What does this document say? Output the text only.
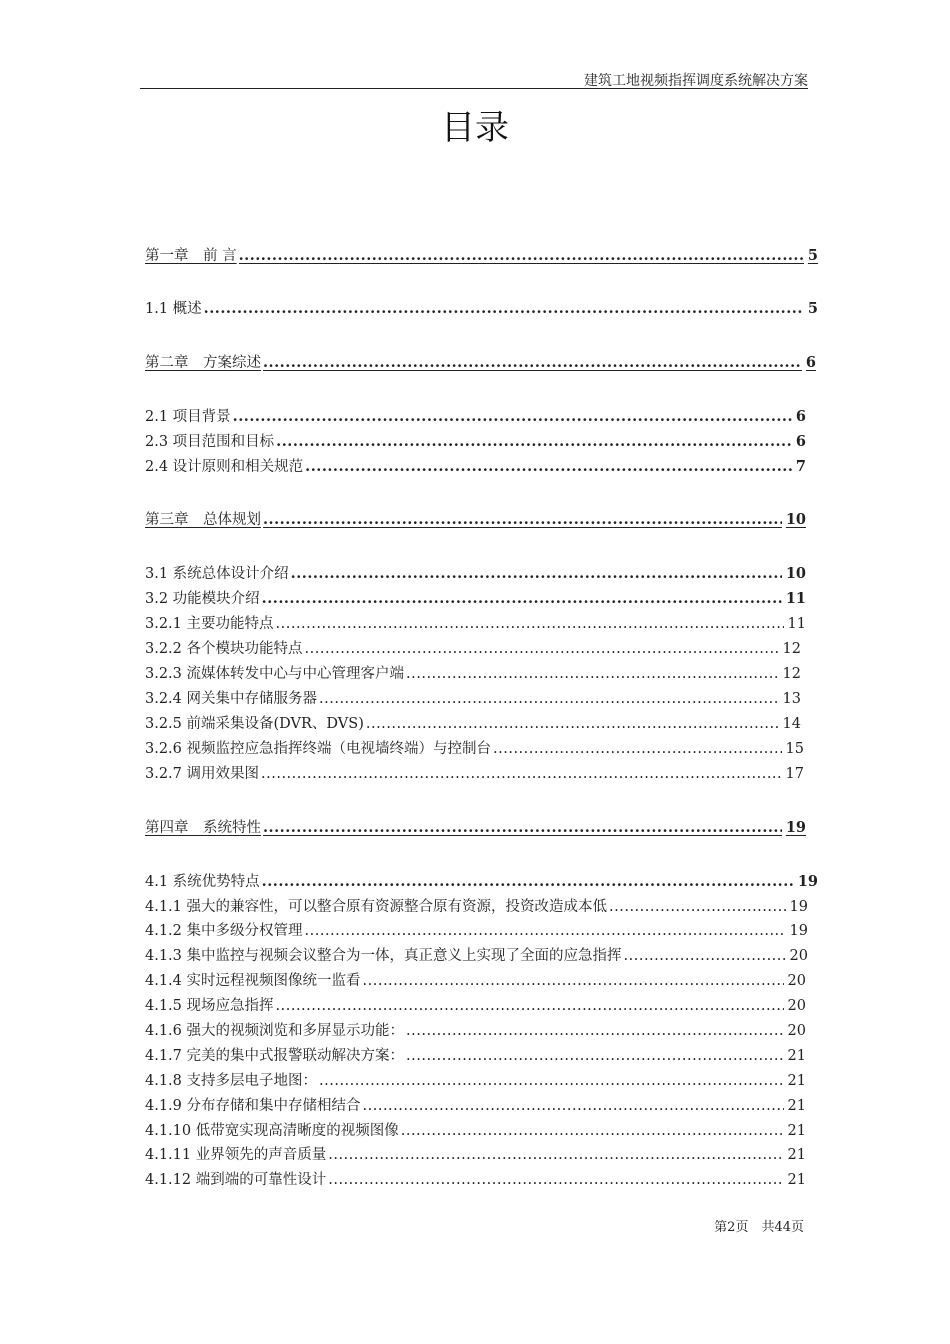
建筑工地视频指挥调度系统解决方案
目录
第一章　前 言 .....	5
1.1 概述 .....	5
第二章　方案综述 .....	6
2.1 项目背景 .....	6
2.3 项目范围和目标 .....	6
2.4 设计原则和相关规范 .....	7
第三章　总体规划 .....	10
3.1 系统总体设计介绍 .....	10
3.2 功能模块介绍 .....	11
3.2.1 主要功能特点 .....	11
3.2.2 各个模块功能特点 .....	12
3.2.3 流媒体转发中心与中心管理客户端 .....	12
3.2.4 网关集中存储服务器 .....	13
3.2.5 前端采集设备(DVR、DVS) .....	14
3.2.6 视频监控应急指挥终端（电视墙终端）与控制台 .....	15
3.2.7 调用效果图 .....	17
第四章　系统特性 .....	19
4.1 系统优势特点 .....	19
4.1.1 强大的兼容性，可以整合原有资源整合原有资源，投资改造成本低 .....	19
4.1.2 集中多级分权管理 .....	19
4.1.3 集中监控与视频会议整合为一体，真正意义上实现了全面的应急指挥 .....	20
4.1.4 实时远程视频图像统一监看 .....	20
4.1.5 现场应急指挥 .....	20
4.1.6 强大的视频浏览和多屏显示功能： .....	20
4.1.7 完美的集中式报警联动解决方案： .....	21
4.1.8 支持多层电子地图： .....	21
4.1.9 分布存储和集中存储相结合 .....	21
4.1.10 低带宽实现高清晰度的视频图像 .....	21
4.1.11 业界领先的声音质量 .....	21
4.1.12 端到端的可靠性设计 .....	21
第2页　共44页
